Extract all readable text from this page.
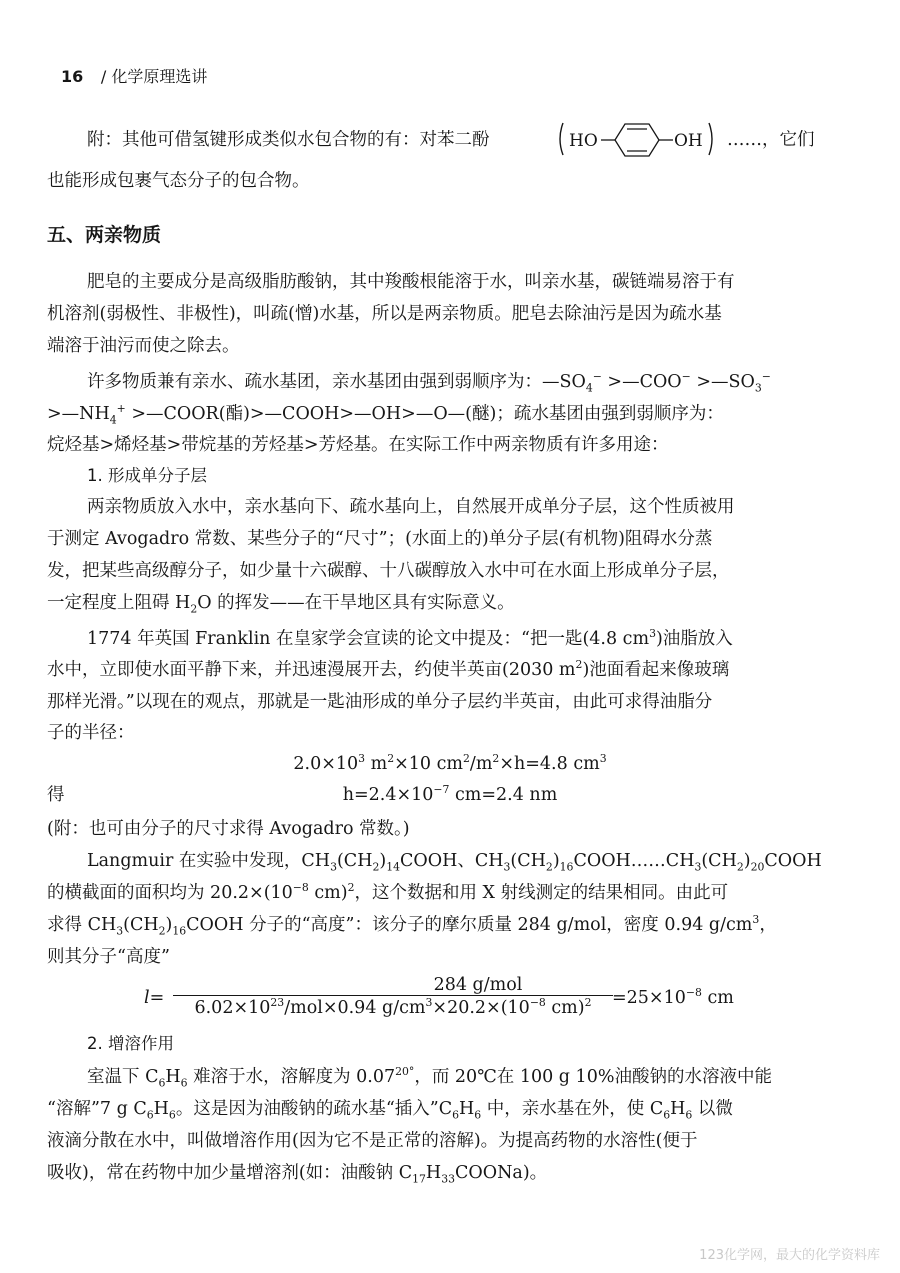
16 / 化学原理选讲
附：其他可借氢键形成类似水包合物的有：对苯二酚	HO	OH ……，它们
也能形成包裹气态分子的包合物。
五、两亲物质
肥皂的主要成分是高级脂肪酸钠，其中羧酸根能溶于水，叫亲水基，碳链端易溶于有
机溶剂(弱极性、非极性)，叫疏(憎)水基，所以是两亲物质。肥皂去除油污是因为疏水基
端溶于油污而使之除去。
许多物质兼有亲水、疏水基团，亲水基团由强到弱顺序为：$—SO_4^-$ >—COO− $>—SO_3^-$
$>—NH_4^+$ >—COOR(酯)>—COOH>—OH>—O—(醚)；疏水基团由强到弱顺序为：
烷烃基>烯烃基>带烷基的芳烃基>芳烃基。在实际工作中两亲物质有许多用途：
1. 形成单分子层
两亲物质放入水中，亲水基向下、疏水基向上，自然展开成单分子层，这个性质被用
于测定 Avogadro 常数、某些分子的“尺寸”；(水面上的)单分子层(有机物)阻碍水分蒸
发，把某些高级醇分子，如少量十六碳醇、十八碳醇放入水中可在水面上形成单分子层，
一定程度上阻碍 $H_2O$ 的挥发——在干旱地区具有实际意义。
1774 年英国 Franklin 在皇家学会宣读的论文中提及：“把一匙(4.8 $cm^3$)油脂放入
水中，立即使水面平静下来，并迅速漫展开去，约使半英亩(2030 $m^2$)池面看起来像玻璃
那样光滑。”以现在的观点，那就是一匙油形成的单分子层约半英亩，由此可求得油脂分
子的半径：
$2.0\times 10^3$ $m^2\times 10$ $cm^2/m^2\times h=4.8$ $cm^3$
得	$h=2.4\times 10^{-7}$ cm=2.4 nm
(附：也可由分子的尺寸求得 Avogadro 常数。)
Langmuir 在实验中发现，$CH_3(CH_2)_{14}COOH$、$CH_3(CH_2)_{16}COOH\dots\dots CH_3(CH_2)_{20}COOH$
的横截面的面积均为 $20.2\times(10^{-8}$ cm)$^2$，这个数据和用 X 射线测定的结果相同。由此可
求得 $CH_3(CH_2)_{16}COOH$ 分子的“高度”：该分子的摩尔质量 284 g/mol，密度 0.94 $g/cm^3$，
则其分子“高度”
l=
284 g/mol
$6.02\times 10^{23}/mol\times 0.94$ $g/cm^3\times 20.2\times(10^{-8}$ cm)$^2$	$=25\times 10^{-8}$ cm
2. 增溶作用
室温下 $C_6H_6$ 难溶于水，溶解度为 $0.07^{20^\circ}$，而 20℃在 100 g 10%油酸钠的水溶液中能
“溶解”7 g $C_6H_6$。这是因为油酸钠的疏水基“插入$”C_6H_6$ 中，亲水基在外，使 $C_6H_6$ 以微
液滴分散在水中，叫做增溶作用(因为它不是正常的溶解)。为提高药物的水溶性(便于
吸收)，常在药物中加少量增溶剂(如：油酸钠 $C_{17}H_{33}COONa$)。
123化学网，最大的化学资料库
